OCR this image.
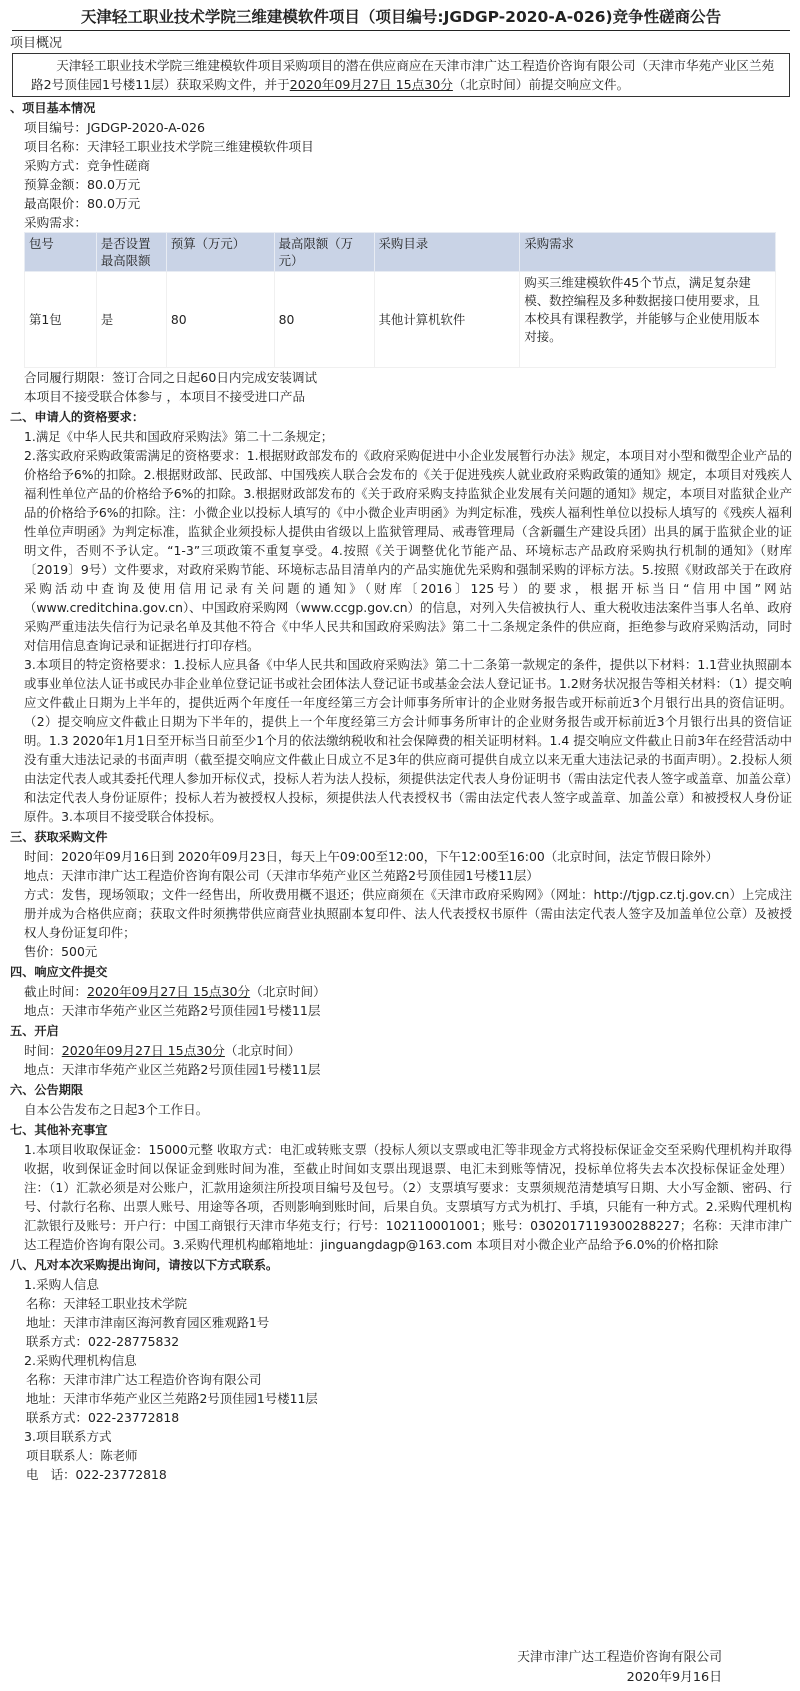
天津轻工职业技术学院三维建模软件项目（项目编号:JGDGP-2020-A-026)竞争性磋商公告
项目概况
天津轻工职业技术学院三维建模软件项目采购项目的潜在供应商应在天津市津广达工程造价咨询有限公司（天津市华苑产业区兰苑路2号顶佳园1号楼11层）获取采购文件，并于2020年09月27日 15点30分（北京时间）前提交响应文件。
、项目基本情况
项目编号：JGDGP-2020-A-026
项目名称：天津轻工职业技术学院三维建模软件项目
采购方式：竞争性磋商
预算金额：80.0万元
最高限价：80.0万元
采购需求：
包号	是否设置最高限额	预算（万元）	最高限额（万元）	采购目录	采购需求
第1包	是	80	80	其他计算机软件	购买三维建模软件45个节点，满足复杂建模、数控编程及多种数据接口使用要求，且本校具有课程教学，并能够与企业使用版本对接。
合同履行期限：签订合同之日起60日内完成安装调试
本项目不接受联合体参与 ，本项目不接受进口产品
二、申请人的资格要求：
1.满足《中华人民共和国政府采购法》第二十二条规定；
2.落实政府采购政策需满足的资格要求：1.根据财政部发布的《政府采购促进中小企业发展暂行办法》规定，本项目对小型和微型企业产品的价格给予6%的扣除。2.根据财政部、民政部、中国残疾人联合会发布的《关于促进残疾人就业政府采购政策的通知》规定，本项目对残疾人福利性单位产品的价格给予6%的扣除。3.根据财政部发布的《关于政府采购支持监狱企业发展有关问题的通知》规定，本项目对监狱企业产品的价格给予6%的扣除。注：小微企业以投标人填写的《中小微企业声明函》为判定标准，残疾人福利性单位以投标人填写的《残疾人福利性单位声明函》为判定标准，监狱企业须投标人提供由省级以上监狱管理局、戒毒管理局（含新疆生产建设兵团）出具的属于监狱企业的证明文件，否则不予认定。“1-3”三项政策不重复享受。4.按照《关于调整优化节能产品、环境标志产品政府采购执行机制的通知》（财库〔2019〕9号）文件要求，对政府采购节能、环境标志品目清单内的产品实施优先采购和强制采购的评标方法。5.按照《财政部关于在政府采购活动中查询及使用信用记录有关问题的通知》（财库〔2016〕125号）的要求，根据开标当日“信用中国”网站（www.creditchina.gov.cn）、中国政府采购网（www.ccgp.gov.cn）的信息，对列入失信被执行人、重大税收违法案件当事人名单、政府采购严重违法失信行为记录名单及其他不符合《中华人民共和国政府采购法》第二十二条规定条件的供应商，拒绝参与政府采购活动，同时对信用信息查询记录和证据进行打印存档。
3.本项目的特定资格要求：1.投标人应具备《中华人民共和国政府采购法》第二十二条第一款规定的条件，提供以下材料：1.1营业执照副本或事业单位法人证书或民办非企业单位登记证书或社会团体法人登记证书或基金会法人登记证书。1.2财务状况报告等相关材料：（1）提交响应文件截止日期为上半年的，提供近两个年度任一年度经第三方会计师事务所审计的企业财务报告或开标前近3个月银行出具的资信证明。（2）提交响应文件截止日期为下半年的，提供上一个年度经第三方会计师事务所审计的企业财务报告或开标前近3个月银行出具的资信证明。1.3 2020年1月1日至开标当日前至少1个月的依法缴纳税收和社会保障费的相关证明材料。1.4 提交响应文件截止日前3年在经营活动中没有重大违法记录的书面声明（截至提交响应文件截止日成立不足3年的供应商可提供自成立以来无重大违法记录的书面声明）。2.投标人须由法定代表人或其委托代理人参加开标仪式，投标人若为法人投标，须提供法定代表人身份证明书（需由法定代表人签字或盖章、加盖公章）和法定代表人身份证原件；投标人若为被授权人投标，须提供法人代表授权书（需由法定代表人签字或盖章、加盖公章）和被授权人身份证原件。3.本项目不接受联合体投标。
三、获取采购文件
时间：2020年09月16日到 2020年09月23日，每天上午09:00至12:00，下午12:00至16:00（北京时间，法定节假日除外）
地点：天津市津广达工程造价咨询有限公司（天津市华苑产业区兰苑路2号顶佳园1号楼11层）
方式：发售，现场领取；文件一经售出，所收费用概不退还；供应商须在《天津市政府采购网》（网址：http://tjgp.cz.tj.gov.cn）上完成注册并成为合格供应商；获取文件时须携带供应商营业执照副本复印件、法人代表授权书原件（需由法定代表人签字及加盖单位公章）及被授权人身份证复印件；
售价：500元
四、响应文件提交
截止时间：2020年09月27日 15点30分（北京时间）
地点：天津市华苑产业区兰苑路2号顶佳园1号楼11层
五、开启
时间：2020年09月27日 15点30分（北京时间）
地点：天津市华苑产业区兰苑路2号顶佳园1号楼11层
六、公告期限
自本公告发布之日起3个工作日。
七、其他补充事宜
1.本项目收取保证金：15000元整 收取方式：电汇或转账支票（投标人须以支票或电汇等非现金方式将投标保证金交至采购代理机构并取得收据，收到保证金时间以保证金到账时间为准，至截止时间如支票出现退票、电汇未到账等情况，投标单位将失去本次投标保证金处理）注：（1）汇款必须是对公账户，汇款用途须注所投项目编号及包号。（2）支票填写要求：支票须规范清楚填写日期、大小写金额、密码、行号、付款行名称、出票人账号、用途等各项，否则影响到账时间，后果自负。支票填写方式为机打、手填，只能有一种方式。2.采购代理机构汇款银行及账号：开户行：中国工商银行天津市华苑支行；行号：102110001001；账号：0302017119300288227；名称：天津市津广达工程造价咨询有限公司。3.采购代理机构邮箱地址：jinguangdagp@163.com 本项目对小微企业产品给予6.0%的价格扣除
八、凡对本次采购提出询问，请按以下方式联系。
1.采购人信息
名称：天津轻工职业技术学院
地址：天津市津南区海河教育园区雅观路1号
联系方式：022-28775832
2.采购代理机构信息
名称：天津市津广达工程造价咨询有限公司
地址：天津市华苑产业区兰苑路2号顶佳园1号楼11层
联系方式：022-23772818
3.项目联系方式
项目联系人：陈老师
电　话：022-23772818
天津市津广达工程造价咨询有限公司
2020年9月16日
